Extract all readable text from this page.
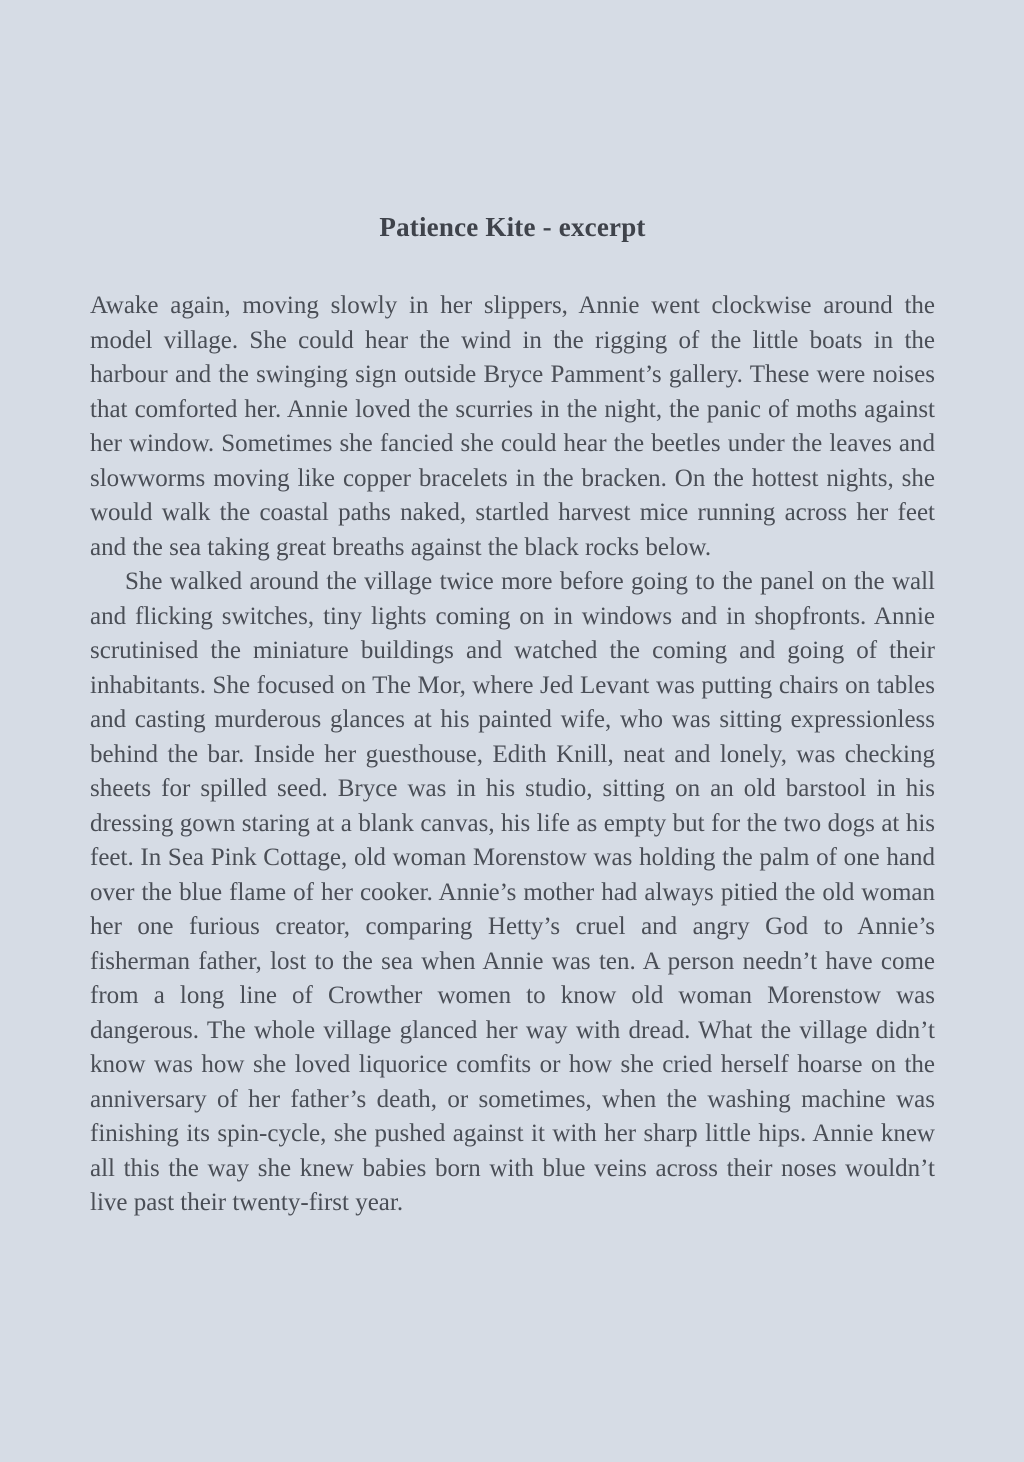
Patience Kite - excerpt

Awake again, moving slowly in her slippers, Annie went clockwise around the model village. She could hear the wind in the rigging of the little boats in the harbour and the swinging sign outside Bryce Pamment’s gallery. These were noises that comforted her. Annie loved the scurries in the night, the panic of moths against her window. Sometimes she fancied she could hear the beetles under the leaves and slowworms moving like copper bracelets in the bracken. On the hottest nights, she would walk the coastal paths naked, startled harvest mice running across her feet and the sea taking great breaths against the black rocks below.

She walked around the village twice more before going to the panel on the wall and flicking switches, tiny lights coming on in windows and in shopfronts. Annie scrutinised the miniature buildings and watched the coming and going of their inhabitants. She focused on The Mor, where Jed Levant was putting chairs on tables and casting murderous glances at his painted wife, who was sitting expressionless behind the bar. Inside her guesthouse, Edith Knill, neat and lonely, was checking sheets for spilled seed. Bryce was in his studio, sitting on an old barstool in his dressing gown staring at a blank canvas, his life as empty but for the two dogs at his feet. In Sea Pink Cottage, old woman Morenstow was holding the palm of one hand over the blue flame of her cooker. Annie’s mother had always pitied the old woman her one furious creator, comparing Hetty’s cruel and angry God to Annie’s fisherman father, lost to the sea when Annie was ten. A person needn’t have come from a long line of Crowther women to know old woman Morenstow was dangerous. The whole village glanced her way with dread. What the village didn’t know was how she loved liquorice comfits or how she cried herself hoarse on the anniversary of her father’s death, or sometimes, when the washing machine was finishing its spin-cycle, she pushed against it with her sharp little hips. Annie knew all this the way she knew babies born with blue veins across their noses wouldn’t live past their twenty-first year.
